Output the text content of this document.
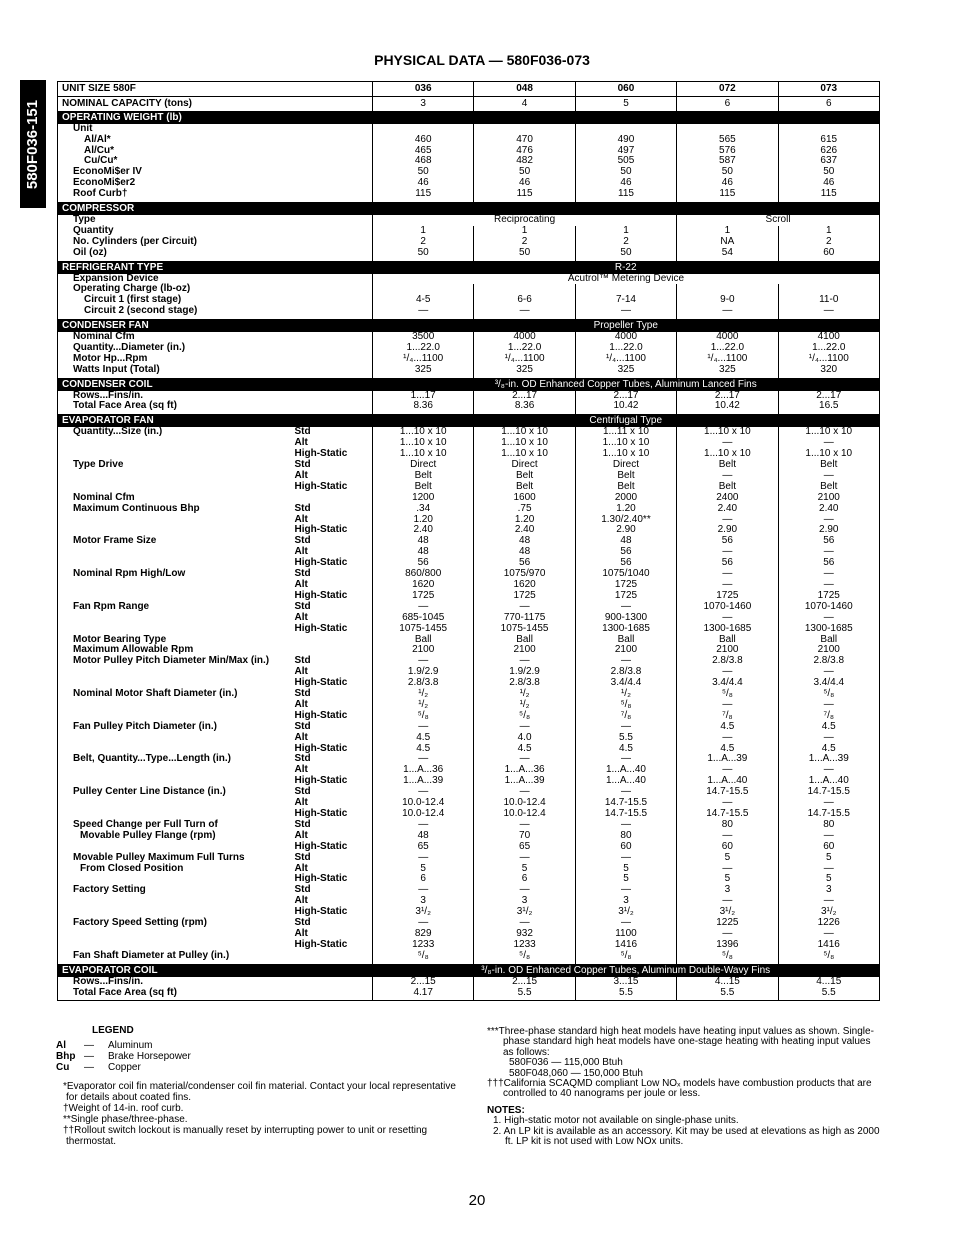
580F036-151
PHYSICAL DATA — 580F036-073
UNIT SIZE 580F		036	048	060	072	073
NOMINAL CAPACITY (tons)		3	4	5	6	6
OPERATING WEIGHT (lb)						
Unit						
Al/Al*		460	470	490	565	615
Al/Cu*		465	476	497	576	626
Cu/Cu*		468	482	505	587	637
EconoMi$er IV		50	50	50	50	50
EconoMi$er2		46	46	46	46	46
Roof Curb†		115	115	115	115	115
COMPRESSOR						
Type		Reciprocating			Scroll	
Quantity		1	1	1	1	1
No. Cylinders (per Circuit)		2	2	2	NA	2
Oil (oz)		50	50	50	54	60
REFRIGERANT TYPE		R-22				
Expansion Device		Acutrol™ Metering Device				
Operating Charge (lb-oz)						
Circuit 1 (first stage)		4-5	6-6	7-14	9-0	11-0
Circuit 2 (second stage)		—	—	—	—	—
CONDENSER FAN		Propeller Type				
Nominal Cfm		3500	4000	4000	4000	4100
Quantity...Diameter (in.)		1...22.0	1...22.0	1...22.0	1...22.0	1...22.0
Motor Hp...Rpm		¹/₄...1100	¹/₄...1100	¹/₄...1100	¹/₄...1100	¹/₄...1100
Watts Input (Total)		325	325	325	325	320
CONDENSER COIL		³/₈-in. OD Enhanced Copper Tubes, Aluminum Lanced Fins				
Rows...Fins/in.		1...17	2...17	2...17	2...17	2...17
Total Face Area (sq ft)		8.36	8.36	10.42	10.42	16.5
EVAPORATOR FAN		Centrifugal Type				
Quantity...Size (in.)	Std	1...10 x 10	1...10 x 10	1...11 x 10	1...10 x 10	1...10 x 10
	Alt	1...10 x 10	1...10 x 10	1...10 x 10	—	—
	High-Static	1...10 x 10	1...10 x 10	1...10 x 10	1...10 x 10	1...10 x 10
Type Drive	Std	Direct	Direct	Direct	Belt	Belt
	Alt	Belt	Belt	Belt	—	—
	High-Static	Belt	Belt	Belt	Belt	Belt
Nominal Cfm		1200	1600	2000	2400	2100
Maximum Continuous Bhp	Std	.34	.75	1.20	2.40	2.40
	Alt	1.20	1.20	1.30/2.40**	—	—
	High-Static	2.40	2.40	2.90	2.90	2.90
Motor Frame Size	Std	48	48	48	56	56
	Alt	48	48	56	—	—
	High-Static	56	56	56	56	56
Nominal Rpm High/Low	Std	860/800	1075/970	1075/1040	—	—
	Alt	1620	1620	1725	—	—
	High-Static	1725	1725	1725	1725	1725
Fan Rpm Range	Std	—	—	—	1070-1460	1070-1460
	Alt	685-1045	770-1175	900-1300	—	—
	High-Static	1075-1455	1075-1455	1300-1685	1300-1685	1300-1685
Motor Bearing Type		Ball	Ball	Ball	Ball	Ball
Maximum Allowable Rpm		2100	2100	2100	2100	2100
Motor Pulley Pitch Diameter Min/Max (in.)	Std	—	—	—	2.8/3.8	2.8/3.8
	Alt	1.9/2.9	1.9/2.9	2.8/3.8	—	—
	High-Static	2.8/3.8	2.8/3.8	3.4/4.4	3.4/4.4	3.4/4.4
Nominal Motor Shaft Diameter (in.)	Std	¹/₂	¹/₂	¹/₂	⁵/₈	⁵/₈
	Alt	¹/₂	¹/₂	⁵/₈	—	—
	High-Static	⁵/₈	⁵/₈	⁷/₈	⁷/₈	⁷/₈
Fan Pulley Pitch Diameter (in.)	Std	—	—	—	4.5	4.5
	Alt	4.5	4.0	5.5	—	—
	High-Static	4.5	4.5	4.5	4.5	4.5
Belt, Quantity...Type...Length (in.)	Std	—	—	—	1...A...39	1...A...39
	Alt	1...A...36	1...A...36	1...A...40	—	—
	High-Static	1...A...39	1...A...39	1...A...40	1...A...40	1...A...40
Pulley Center Line Distance (in.)	Std	—	—	—	14.7-15.5	14.7-15.5
	Alt	10.0-12.4	10.0-12.4	14.7-15.5	—	—
	High-Static	10.0-12.4	10.0-12.4	14.7-15.5	14.7-15.5	14.7-15.5
Speed Change per Full Turn of	Std	—	—	—	80	80
Movable Pulley Flange (rpm)	Alt	48	70	80	—	—
	High-Static	65	65	60	60	60
Movable Pulley Maximum Full Turns	Std	—	—	—	5	5
From Closed Position	Alt	5	5	5	—	—
	High-Static	6	6	5	5	5
Factory Setting	Std	—	—	—	3	3
	Alt	3	3	3	—	—
	High-Static	3¹/₂	3¹/₂	3¹/₂	3¹/₂	3¹/₂
Factory Speed Setting (rpm)	Std	—	—	—	1225	1226
	Alt	829	932	1100	—	—
	High-Static	1233	1233	1416	1396	1416
Fan Shaft Diameter at Pulley (in.)		⁵/₈	⁵/₈	⁵/₈	⁵/₈	⁵/₈
EVAPORATOR COIL		³/₈-in. OD Enhanced Copper Tubes, Aluminum Double-Wavy Fins				
Rows...Fins/in.		2...15	2...15	3...15	4...15	4...15
Total Face Area (sq ft)		4.17	5.5	5.5	5.5	5.5
LEGEND
Al	—	Aluminum
Bhp —	Brake Horsepower
Cu	—	Copper

*Evaporator coil fin material/condenser coil fin material. Contact your local representative for details about coated fins.

†Weight of 14-in. roof curb.

**Single phase/three-phase.

††Rollout switch lockout is manually reset by interrupting power to unit or resetting thermostat.

***Three-phase standard high heat models have heating input values as shown. Single-phase standard high heat models have one-stage heating with heating input values as follows:

580F036 — 115,000 Btuh

580F048,060 — 150,000 Btuh

†††California SCAQMD compliant Low NOₓ models have combustion products that are controlled to 40 nanograms per joule or less.

NOTES:

1. High-static motor not available on single-phase units.

2. An LP kit is available as an accessory. Kit may be used at elevations as high as 2000 ft. LP kit is not used with Low NOx units.

20
